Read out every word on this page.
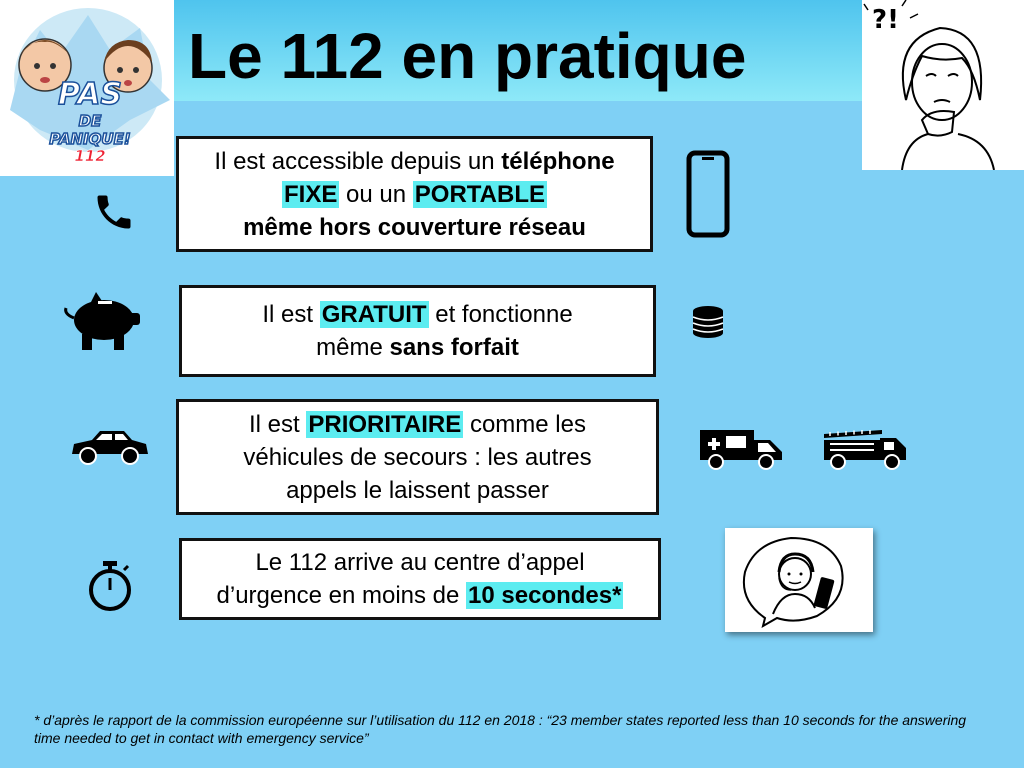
Le 112 en pratique
PAS
DE PANIQUE!
112
?!
Il est accessible depuis un téléphone
FIXE ou un PORTABLE
même hors couverture réseau
Il est GRATUIT et fonctionne
même sans forfait
Il est PRIORITAIRE comme les
véhicules de secours : les autres
appels le laissent passer
Le 112 arrive au centre d’appel
d’urgence en moins de 10 secondes*
* d’après le rapport de la commission européenne sur l’utilisation du 112 en 2018 : “23 member states reported less than 10 seconds for the answering time needed to get in contact with emergency service”
